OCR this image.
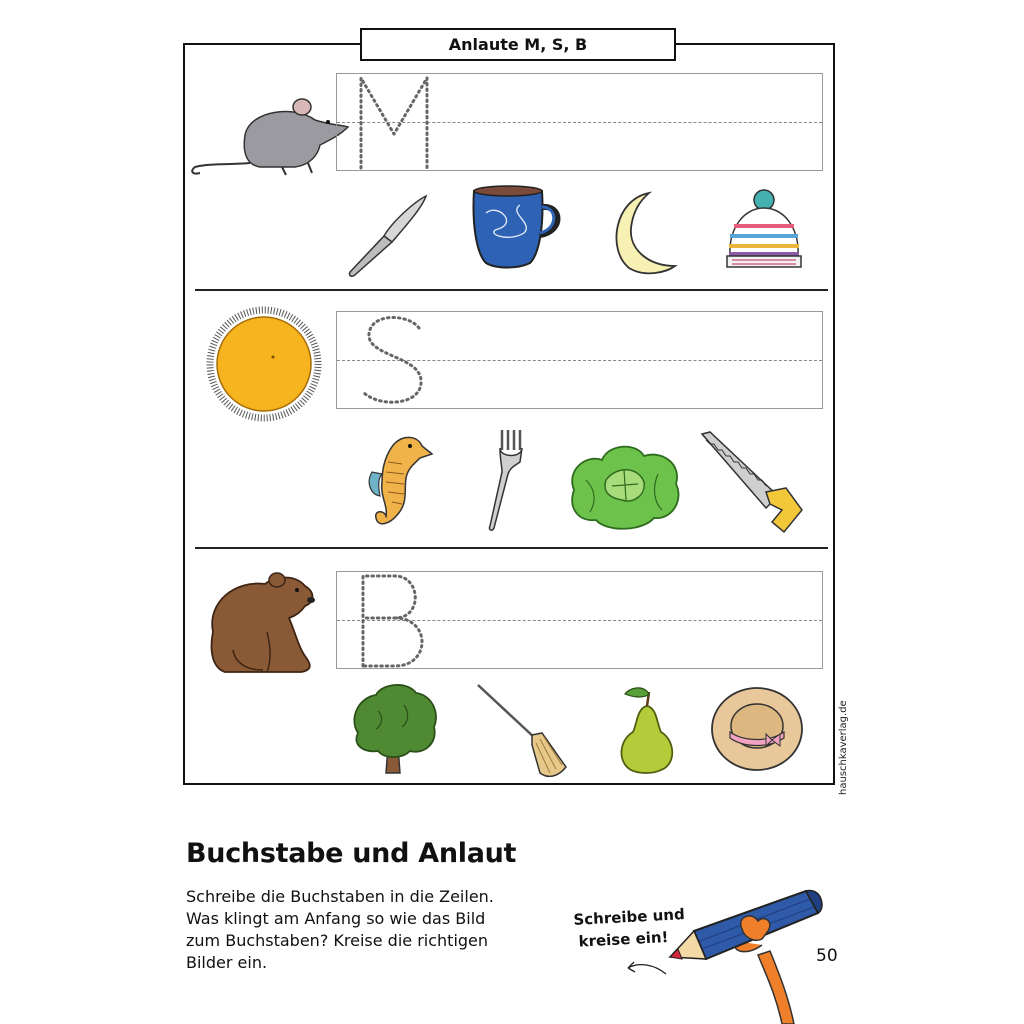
Anlaute M, S, B
M
S
B
hauschkaverlag.de
Buchstabe und Anlaut
Schreibe die Buchstaben in die Zeilen.
Was klingt am Anfang so wie das Bild
zum Buchstaben? Kreise die richtigen
Bilder ein.
Schreibe und
kreise ein!
50
